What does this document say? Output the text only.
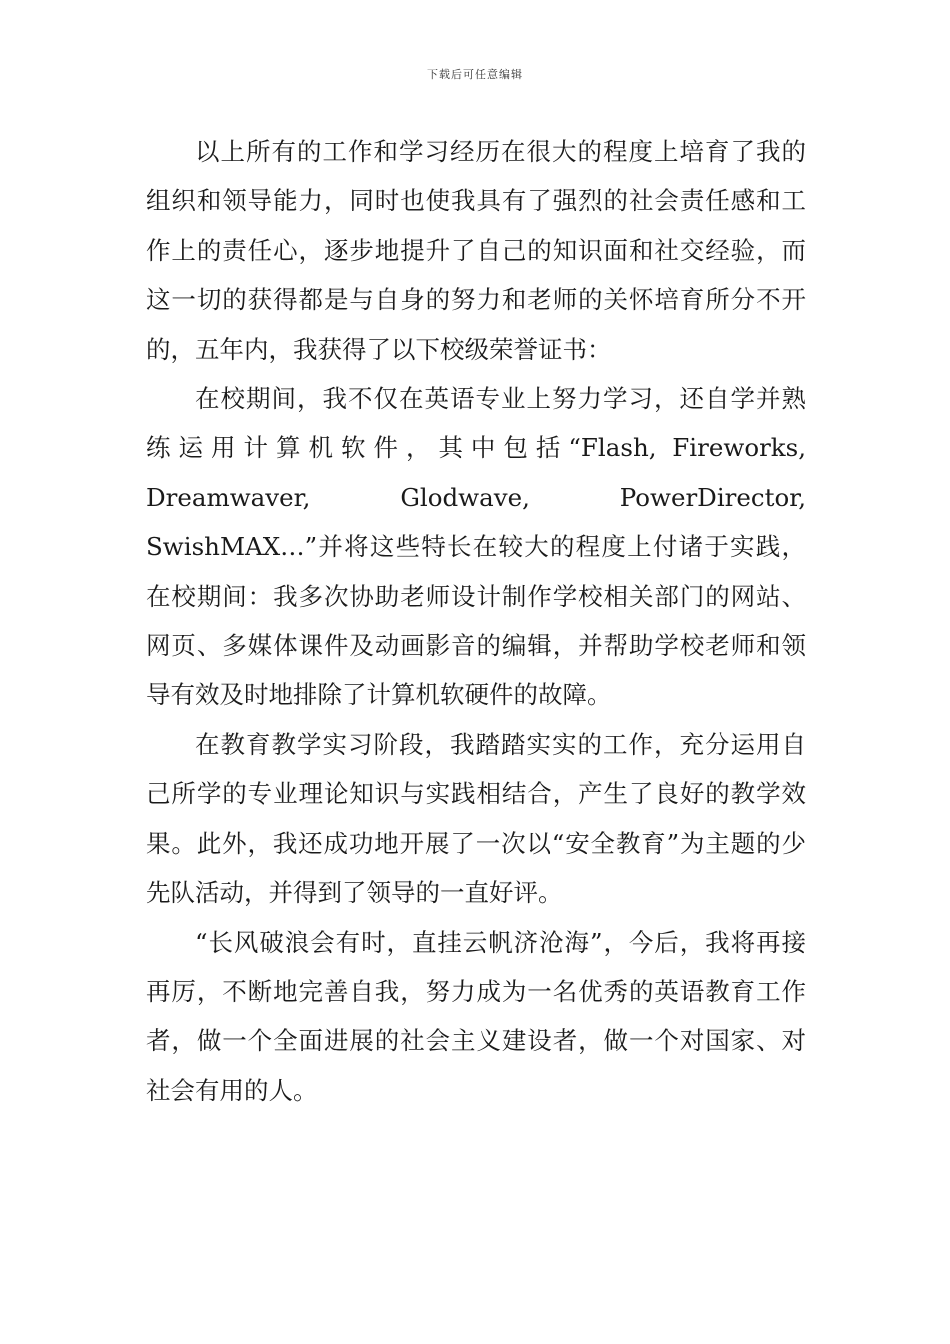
下载后可任意编辑

以上所有的工作和学习经历在很大的程度上培育了我的组织和领导能力，同时也使我具有了强烈的社会责任感和工作上的责任心，逐步地提升了自己的知识面和社交经验，而这一切的获得都是与自身的努力和老师的关怀培育所分不开的，五年内，我获得了以下校级荣誉证书：

在校期间，我不仅在英语专业上努力学习，还自学并熟练运用计算机软件，其中包括“Flash, Fireworks, Dreamwaver, Glodwave, PowerDirector, SwishMAX…”并将这些特长在较大的程度上付诸于实践，在校期间：我多次协助老师设计制作学校相关部门的网站、网页、多媒体课件及动画影音的编辑，并帮助学校老师和领导有效及时地排除了计算机软硬件的故障。

在教育教学实习阶段，我踏踏实实的工作，充分运用自己所学的专业理论知识与实践相结合，产生了良好的教学效果。此外，我还成功地开展了一次以“安全教育”为主题的少先队活动，并得到了领导的一直好评。

“长风破浪会有时，直挂云帆济沧海”，今后，我将再接再厉，不断地完善自我，努力成为一名优秀的英语教育工作者，做一个全面进展的社会主义建设者，做一个对国家、对社会有用的人。
